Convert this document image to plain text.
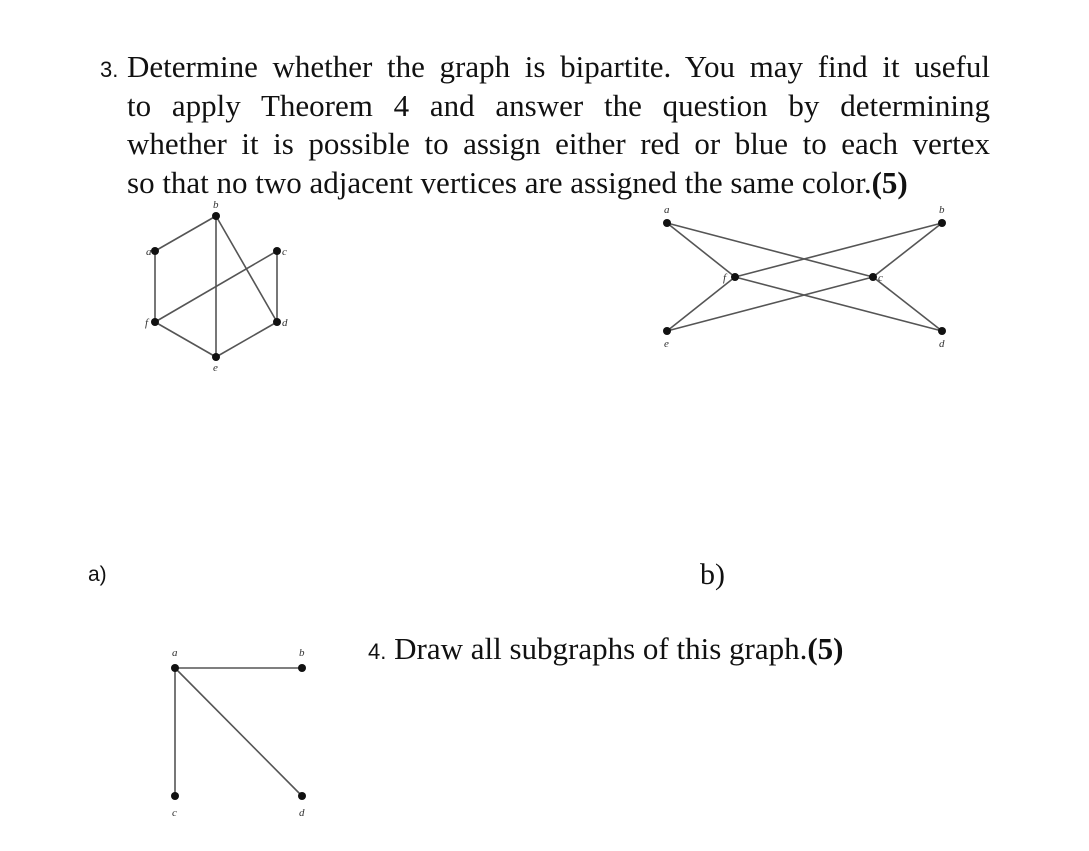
3. Determine whether the graph is bipartite. You may find it useful
to apply Theorem 4 and answer the question by determining
whether it is possible to assign either red or blue to each vertex
so that no two adjacent vertices are assigned the same color.(5)
a
b
c
d
e
f
a	b
c
d
e
f
a	b
c	d
a)	b)
4. Draw all subgraphs of this graph.(5)
